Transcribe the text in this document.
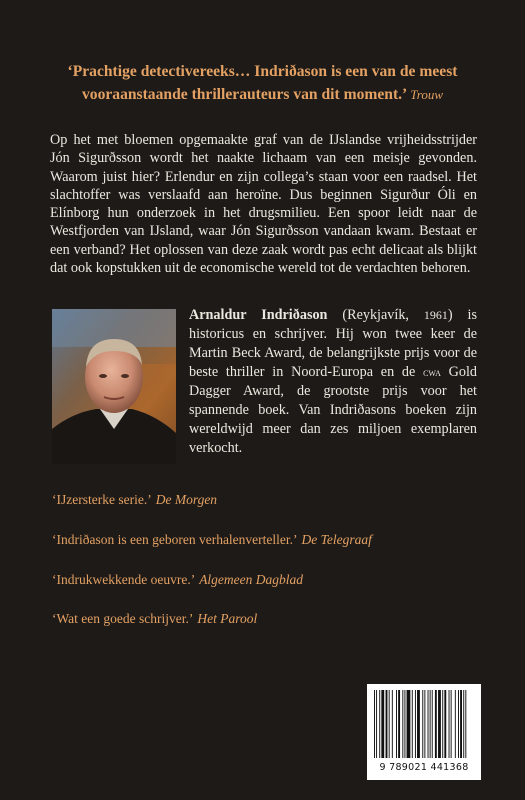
‘Prachtige detectivereeks… Indriðason is een van de meest vooraanstaande thrillerauteurs van dit moment.’ Trouw
Op het met bloemen opgemaakte graf van de IJslandse vrijheidsstrijder Jón Sigurðsson wordt het naakte lichaam van een meisje gevonden. Waarom juist hier? Erlendur en zijn collega’s staan voor een raadsel. Het slachtoffer was verslaafd aan heroïne. Dus beginnen Sigurður Óli en Elínborg hun onderzoek in het drugsmilieu. Een spoor leidt naar de Westfjorden van IJsland, waar Jón Sigurðsson vandaan kwam. Bestaat er een verband? Het oplossen van deze zaak wordt pas echt delicaat als blijkt dat ook kopstukken uit de economische wereld tot de verdachten behoren.
Arnaldur Indriðason (Reykjavík, 1961) is historicus en schrijver. Hij won twee keer de Martin Beck Award, de belangrijkste prijs voor de beste thriller in Noord-Europa en de cwa Gold Dagger Award, de grootste prijs voor het spannende boek. Van Indriðasons boeken zijn wereldwijd meer dan zes miljoen exemplaren verkocht.
‘IJzersterke serie.’ De Morgen
‘Indriðason is een geboren verhalenverteller.’ De Telegraaf
‘Indrukwekkende oeuvre.’ Algemeen Dagblad
‘Wat een goede schrijver.’ Het Parool
9 789021 441368
